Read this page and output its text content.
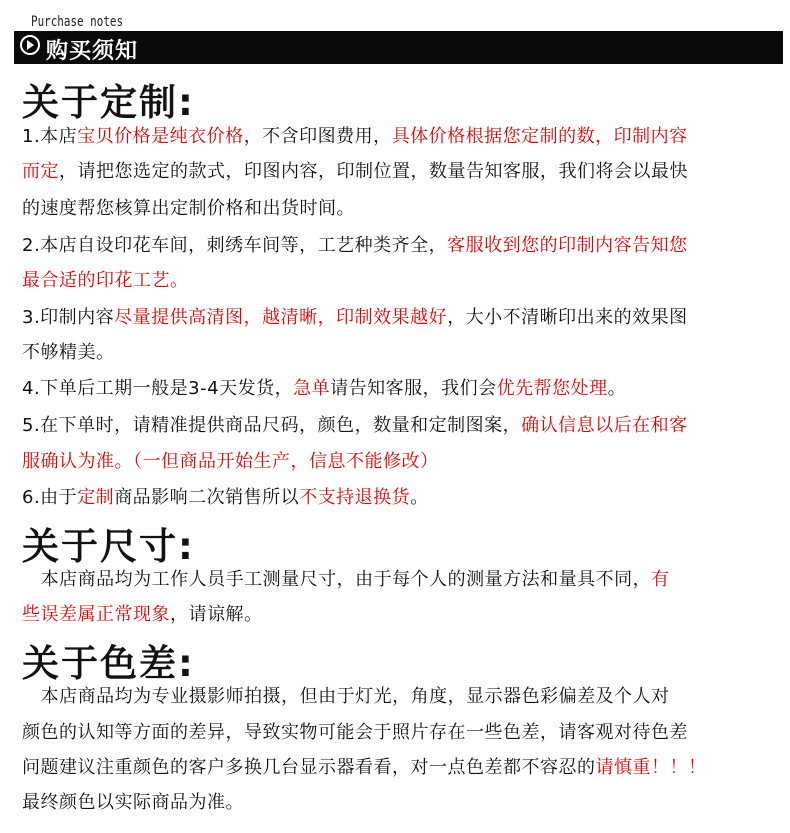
Purchase notes
购买须知
关于定制:
关于尺寸:
关于色差:
1.本店宝贝价格是纯衣价格，不含印图费用，具体价格根据您定制的数，印制内容
而定，请把您选定的款式，印图内容，印制位置，数量告知客服，我们将会以最快
的速度帮您核算出定制价格和出货时间。
2.本店自设印花车间，刺绣车间等，工艺种类齐全，客服收到您的印制内容告知您
最合适的印花工艺。
3.印制内容尽量提供高清图，越清晰，印制效果越好，大小不清晰印出来的效果图
不够精美。
4.下单后工期一般是3-4天发货，急单请告知客服，我们会优先帮您处理。
5.在下单时，请精准提供商品尺码，颜色，数量和定制图案，确认信息以后在和客
服确认为准。（一但商品开始生产，信息不能修改）
6.由于定制商品影响二次销售所以不支持退换货。
本店商品均为工作人员手工测量尺寸，由于每个人的测量方法和量具不同，有
些误差属正常现象，请谅解。
本店商品均为专业摄影师拍摄，但由于灯光，角度，显示器色彩偏差及个人对
颜色的认知等方面的差异，导致实物可能会于照片存在一些色差，请客观对待色差
问题建议注重颜色的客户多换几台显示器看看，对一点色差都不容忍的请慎重！！！
最终颜色以实际商品为准。
